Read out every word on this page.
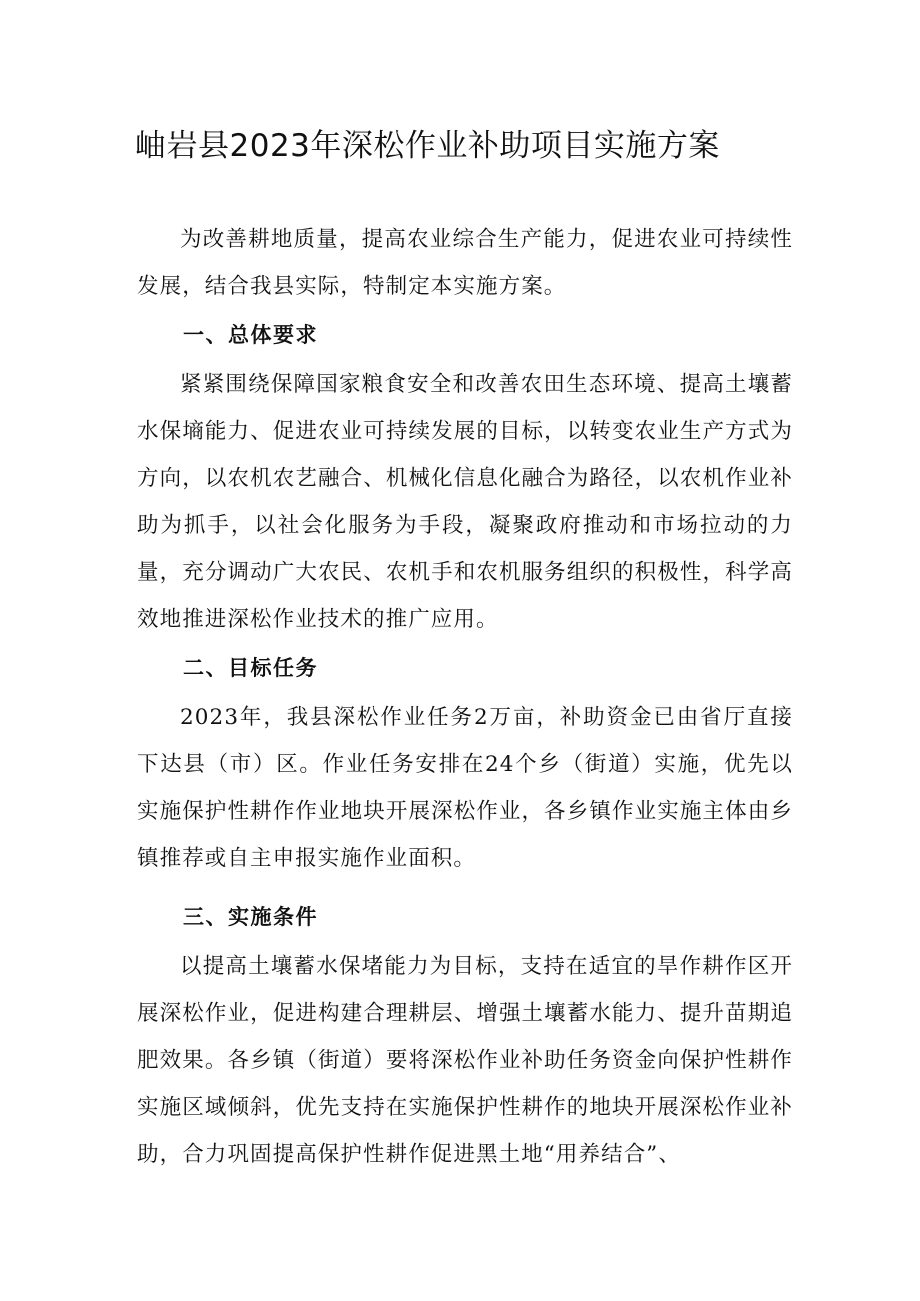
岫岩县2023年深松作业补助项目实施方案

为改善耕地质量，提高农业综合生产能力，促进农业可持续性发展，结合我县实际，特制定本实施方案。

一、总体要求

紧紧围绕保障国家粮食安全和改善农田生态环境、提高土壤蓄水保墒能力、促进农业可持续发展的目标，以转变农业生产方式为方向，以农机农艺融合、机械化信息化融合为路径，以农机作业补助为抓手，以社会化服务为手段，凝聚政府推动和市场拉动的力量，充分调动广大农民、农机手和农机服务组织的积极性，科学高效地推进深松作业技术的推广应用。

二、目标任务

2023年，我县深松作业任务2万亩，补助资金已由省厅直接下达县（市）区。作业任务安排在24个乡（街道）实施，优先以实施保护性耕作作业地块开展深松作业，各乡镇作业实施主体由乡镇推荐或自主申报实施作业面积。

三、实施条件

以提高土壤蓄水保堵能力为目标，支持在适宜的旱作耕作区开展深松作业，促进构建合理耕层、增强土壤蓄水能力、提升苗期追肥效果。各乡镇（街道）要将深松作业补助任务资金向保护性耕作实施区域倾斜，优先支持在实施保护性耕作的地块开展深松作业补助，合力巩固提高保护性耕作促进黑土地“用养结合”、
